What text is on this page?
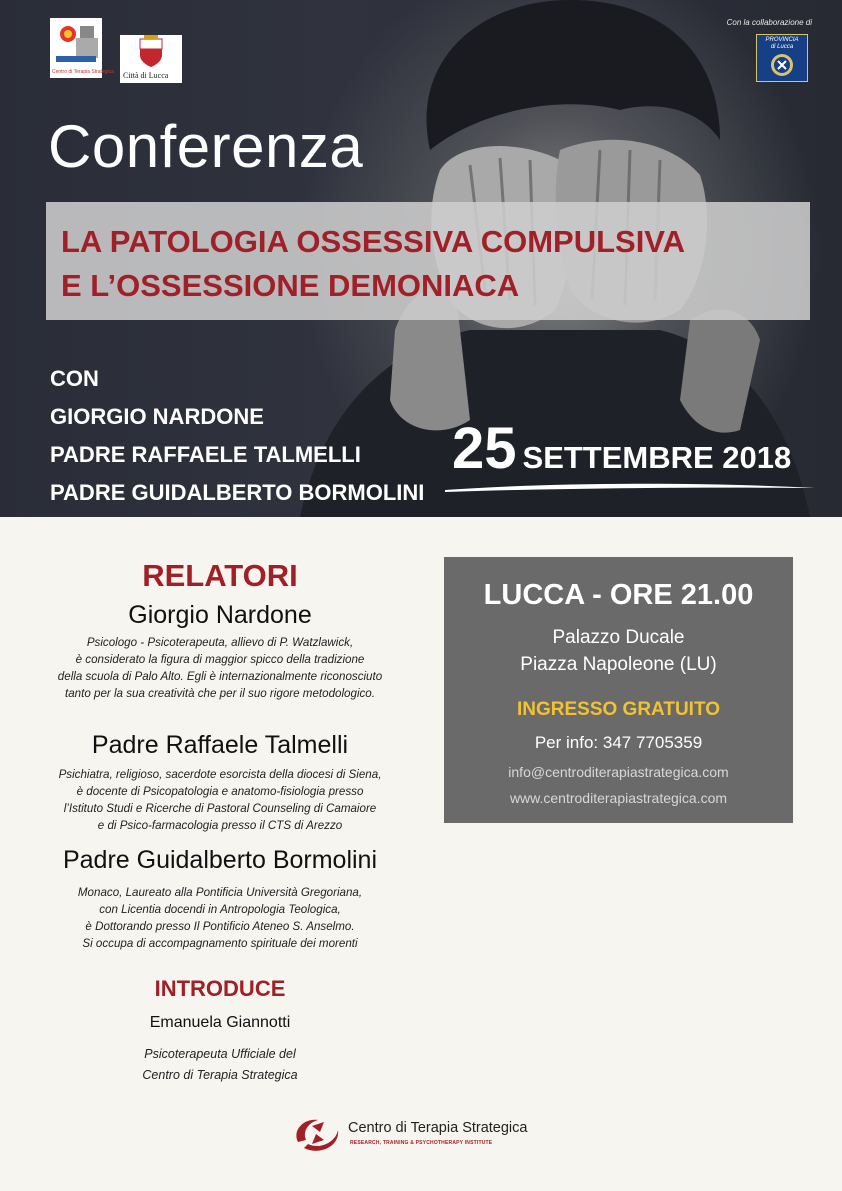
Centro di Terapia Strategica Città di Lucca
Con la collaborazione di
PROVINCIA
di Lucca
Conferenza
LA PATOLOGIA OSSESSIVA COMPULSIVA
E L’OSSESSIONE DEMONIACA
CON
GIORGIO NARDONE
PADRE RAFFAELE TALMELLI
PADRE GUIDALBERTO BORMOLINI
25 SETTEMBRE 2018
RELATORI
Giorgio Nardone
Psicologo - Psicoterapeuta, allievo di P. Watzlawick,
è considerato la figura di maggior spicco della tradizione
della scuola di Palo Alto. Egli è internazionalmente riconosciuto
tanto per la sua creatività che per il suo rigore metodologico.
Padre Raffaele Talmelli
Psichiatra, religioso, sacerdote esorcista della diocesi di Siena,
è docente di Psicopatologia e anatomo-fisiologia presso
l’Istituto Studi e Ricerche di Pastoral Counseling di Camaiore
e di Psico-farmacologia presso il CTS di Arezzo
Padre Guidalberto Bormolini
Monaco, Laureato alla Pontificia Università Gregoriana,
con Licentia docendi in Antropologia Teologica,
è Dottorando presso Il Pontificio Ateneo S. Anselmo.
Si occupa di accompagnamento spirituale dei morenti
INTRODUCE
Emanuela Giannotti
Psicoterapeuta Ufficiale del
Centro di Terapia Strategica
LUCCA - ORE 21.00
Palazzo Ducale
Piazza Napoleone (LU)
INGRESSO GRATUITO
Per info: 347 7705359
info@centroditerapiastrategica.com
www.centroditerapiastrategica.com
Centro di Terapia Strategica
RESEARCH, TRAINING & PSYCHOTHERAPY INSTITUTE
